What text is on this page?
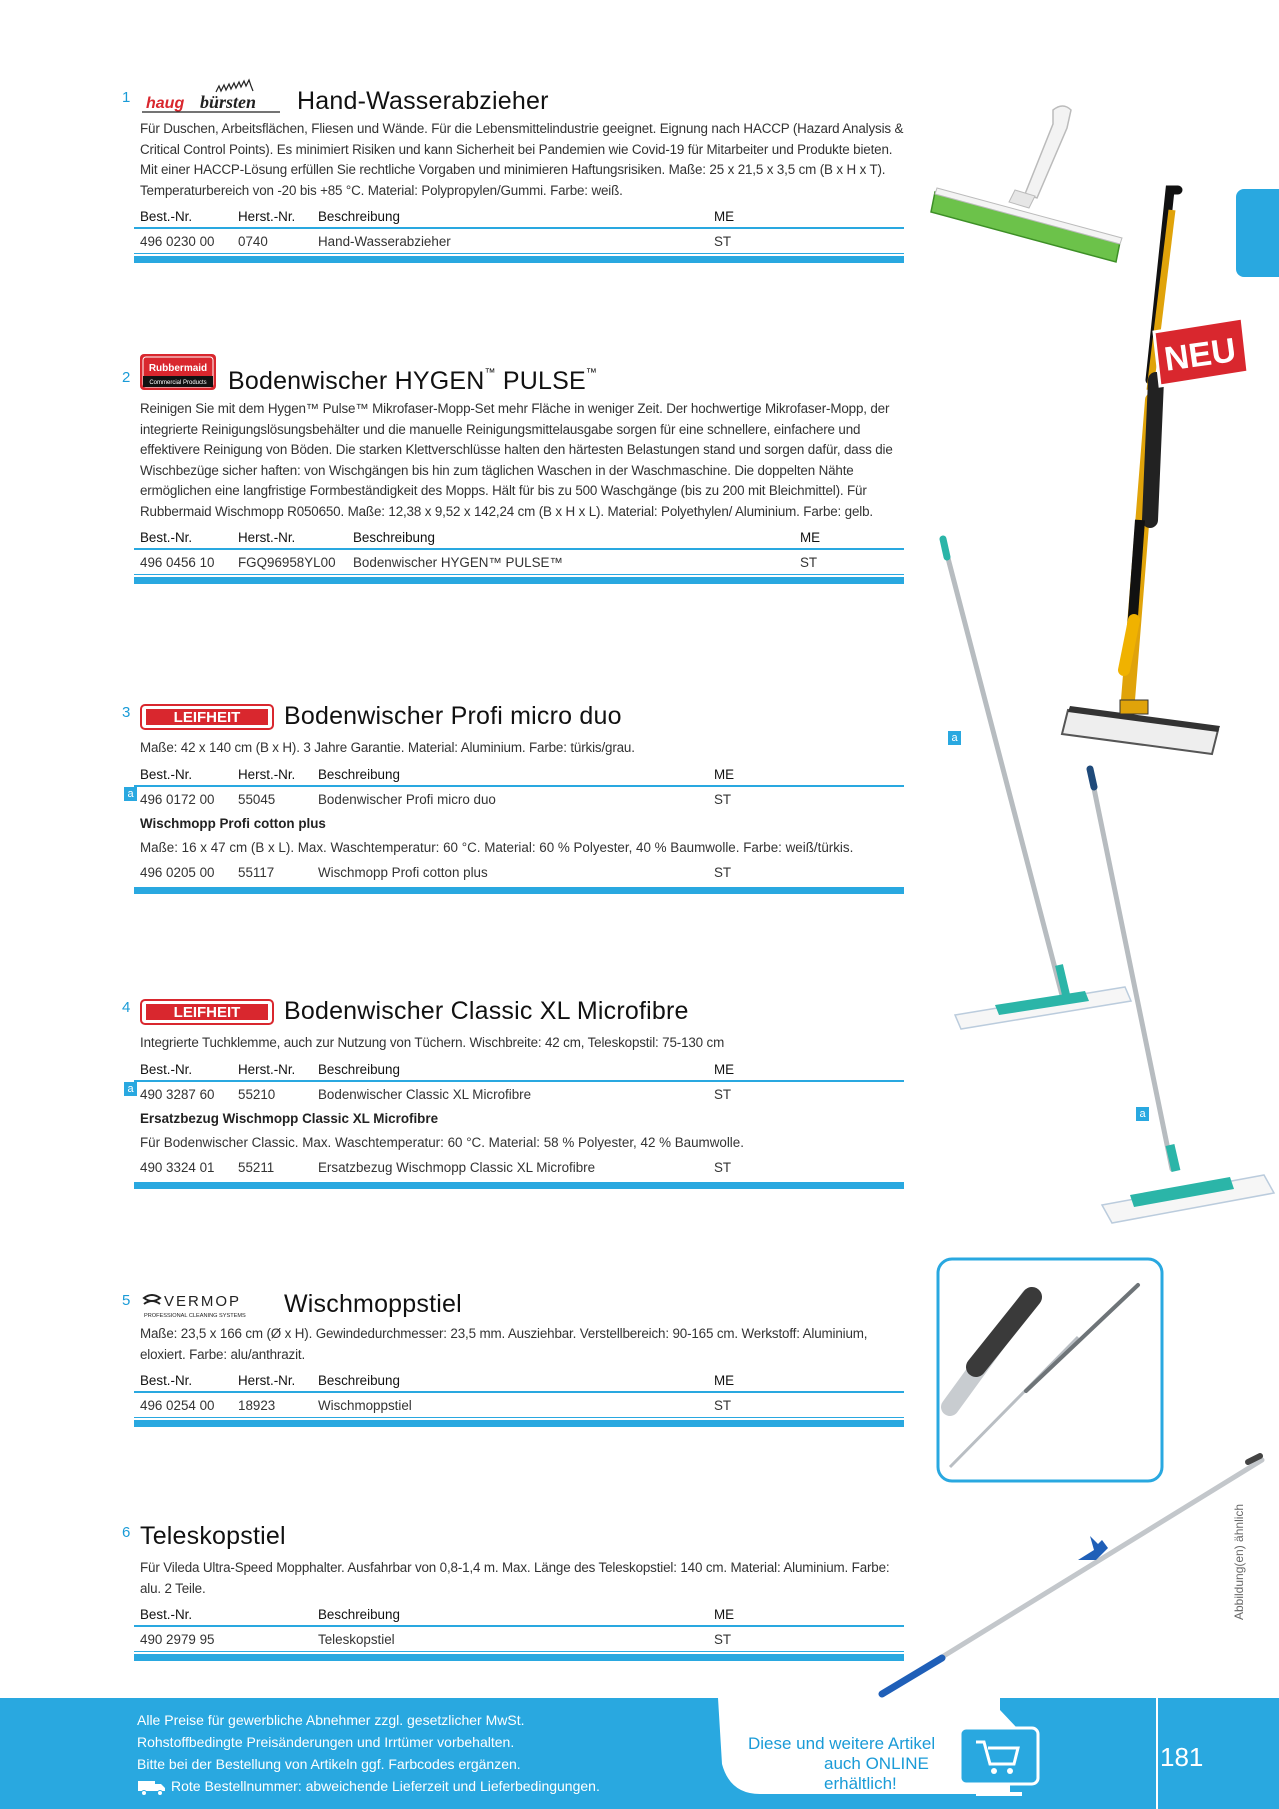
1 haug bürsten Hand-Wasserabzieher

Für Duschen, Arbeitsflächen, Fliesen und Wände. Für die Lebensmittelindustrie geeignet. Eignung nach HACCP (Hazard Analysis & Critical Control Points). Es minimiert Risiken und kann Sicherheit bei Pandemien wie Covid-19 für Mitarbeiter und Produkte bieten. Mit einer HACCP-Lösung erfüllen Sie rechtliche Vorgaben und minimieren Haftungsrisiken. Maße: 25 x 21,5 x 3,5 cm (B x H x T). Temperaturbereich von -20 bis +85 °C. Material: Polypropylen/Gummi. Farbe: weiß.

Best.-Nr.	Herst.-Nr. Beschreibung	ME
496 0230 00 0740	Hand-Wasserabzieher	ST
2
Rubbermaid
Commercial Products Bodenwischer HYGEN™ PULSE™

Reinigen Sie mit dem Hygen™ Pulse™ Mikrofaser-Mopp-Set mehr Fläche in weniger Zeit. Der hochwertige Mikrofaser-Mopp, der integrierte Reinigungslösungsbehälter und die manuelle Reinigungsmittelausgabe sorgen für eine schnellere, einfachere und effektivere Reinigung von Böden. Die starken Klettverschlüsse halten den härtesten Belastungen stand und sorgen dafür, dass die Wischbezüge sicher haften: von Wischgängen bis hin zum täglichen Waschen in der Waschmaschine. Die doppelten Nähte ermöglichen eine langfristige Formbeständigkeit des Mopps. Hält für bis zu 500 Waschgänge (bis zu 200 mit Bleichmittel). Für Rubbermaid Wischmopp R050650. Maße: 12,38 x 9,52 x 142,24 cm (B x H x L). Material: Polyethylen/ Aluminium. Farbe: gelb.

Best.-Nr.	Herst.-Nr.	Beschreibung	ME
496 0456 10 FGQ96958YL00 Bodenwischer HYGEN™ PULSE™	ST
3	LEIFHEIT Bodenwischer Profi micro duo

Maße: 42 x 140 cm (B x H). 3 Jahre Garantie. Material: Aluminium. Farbe: türkis/grau.

Best.-Nr.	Herst.-Nr. Beschreibung	ME
a 496 0172 00 55045	Bodenwischer Profi micro duo	ST
Wischmopp Profi cotton plus
Maße: 16 x 47 cm (B x L). Max. Waschtemperatur: 60 °C. Material: 60 % Polyester, 40 % Baumwolle. Farbe: weiß/türkis.
496 0205 00 55117	Wischmopp Profi cotton plus	ST
4	LEIFHEIT Bodenwischer Classic XL Microfibre

Integrierte Tuchklemme, auch zur Nutzung von Tüchern. Wischbreite: 42 cm, Teleskopstil: 75-130 cm

Best.-Nr.	Herst.-Nr. Beschreibung	ME
a 490 3287 60 55210	Bodenwischer Classic XL Microfibre	ST
Ersatzbezug Wischmopp Classic XL Microfibre
Für Bodenwischer Classic. Max. Waschtemperatur: 60 °C. Material: 58 % Polyester, 42 % Baumwolle.
490 3324 01 55211	Ersatzbezug Wischmopp Classic XL Microfibre	ST
5 VERMOP
PROFESSIONAL CLEANING SYSTEMS Wischmoppstiel

Maße: 23,5 x 166 cm (Ø x H). Gewindedurchmesser: 23,5 mm. Ausziehbar. Verstellbereich: 90-165 cm. Werkstoff: Aluminium, eloxiert. Farbe: alu/anthrazit.

Best.-Nr.	Herst.-Nr. Beschreibung	ME
496 0254 00 18923	Wischmoppstiel	ST
6 Teleskopstiel

Für Vileda Ultra-Speed Mopphalter. Ausfahrbar von 0,8-1,4 m. Max. Länge des Teleskopstiel: 140 cm. Material: Aluminium. Farbe: alu. 2 Teile.

Best.-Nr.	Beschreibung	ME
490 2979 95	Teleskopstiel	ST
NEU
a
a
Abbildung(en) ähnlich
Alle Preise für gewerbliche Abnehmer zzgl. gesetzlicher MwSt.
Rohstoffbedingte Preisänderungen und Irrtümer vorbehalten.
Bitte bei der Bestellung von Artikeln ggf. Farbcodes ergänzen.
Rote Bestellnummer: abweichende Lieferzeit und Lieferbedingungen.
Diese und weitere Artikel
auch ONLINE erhältlich!
181
